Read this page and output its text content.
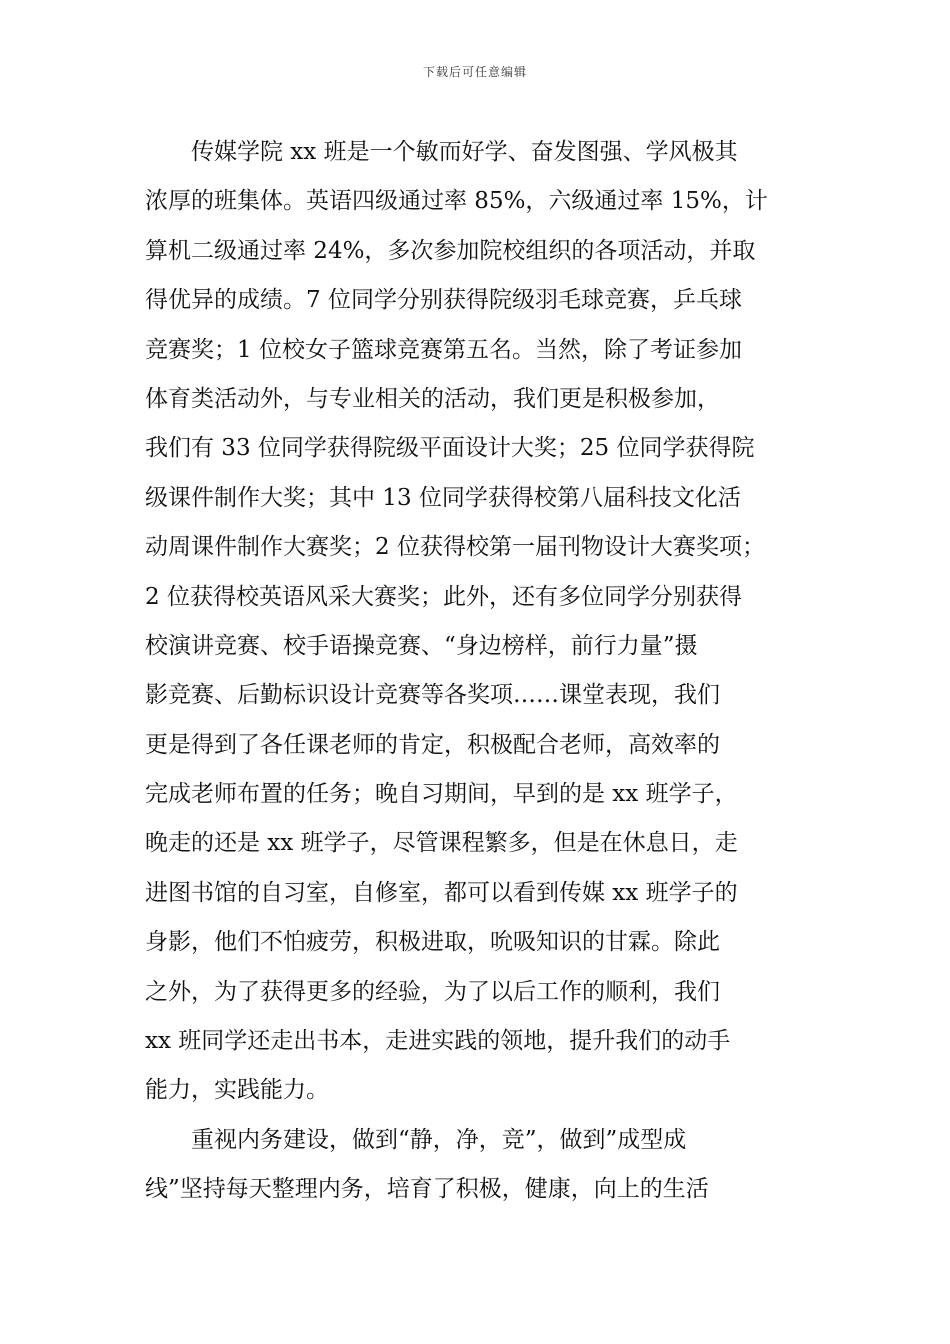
下载后可任意编辑
传媒学院 xx 班是一个敏而好学、奋发图强、学风极其
浓厚的班集体。英语四级通过率 85%，六级通过率 15%，计
算机二级通过率 24%，多次参加院校组织的各项活动，并取
得优异的成绩。7 位同学分别获得院级羽毛球竞赛，乒乓球
竞赛奖；1 位校女子篮球竞赛第五名。当然，除了考证参加
体育类活动外，与专业相关的活动，我们更是积极参加，
我们有 33 位同学获得院级平面设计大奖；25 位同学获得院
级课件制作大奖；其中 13 位同学获得校第八届科技文化活
动周课件制作大赛奖；2 位获得校第一届刊物设计大赛奖项；
2 位获得校英语风采大赛奖；此外，还有多位同学分别获得
校演讲竞赛、校手语操竞赛、“身边榜样，前行力量”摄
影竞赛、后勤标识设计竞赛等各奖项……课堂表现，我们
更是得到了各任课老师的肯定，积极配合老师，高效率的
完成老师布置的任务；晚自习期间，早到的是 xx 班学子，
晚走的还是 xx 班学子，尽管课程繁多，但是在休息日，走
进图书馆的自习室，自修室，都可以看到传媒 xx 班学子的
身影，他们不怕疲劳，积极进取，吮吸知识的甘霖。除此
之外，为了获得更多的经验，为了以后工作的顺利，我们
xx 班同学还走出书本，走进实践的领地，提升我们的动手
能力，实践能力。
重视内务建设，做到“静，净，竞”，做到”成型成
线”坚持每天整理内务，培育了积极，健康，向上的生活
